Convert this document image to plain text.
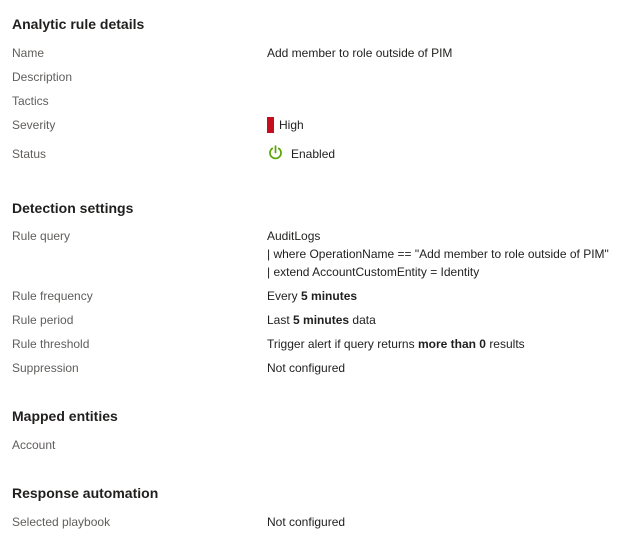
Analytic rule details
Name	Add member to role outside of PIM
Description
Tactics
Severity	High
Status	Enabled
Detection settings
Rule query	AuditLogs
| where OperationName == "Add member to role outside of PIM"
| extend AccountCustomEntity = Identity
Rule frequency	Every 5 minutes
Rule period	Last 5 minutes data
Rule threshold	Trigger alert if query returns more than 0 results
Suppression	Not configured
Mapped entities
Account
Response automation
Selected playbook	Not configured
